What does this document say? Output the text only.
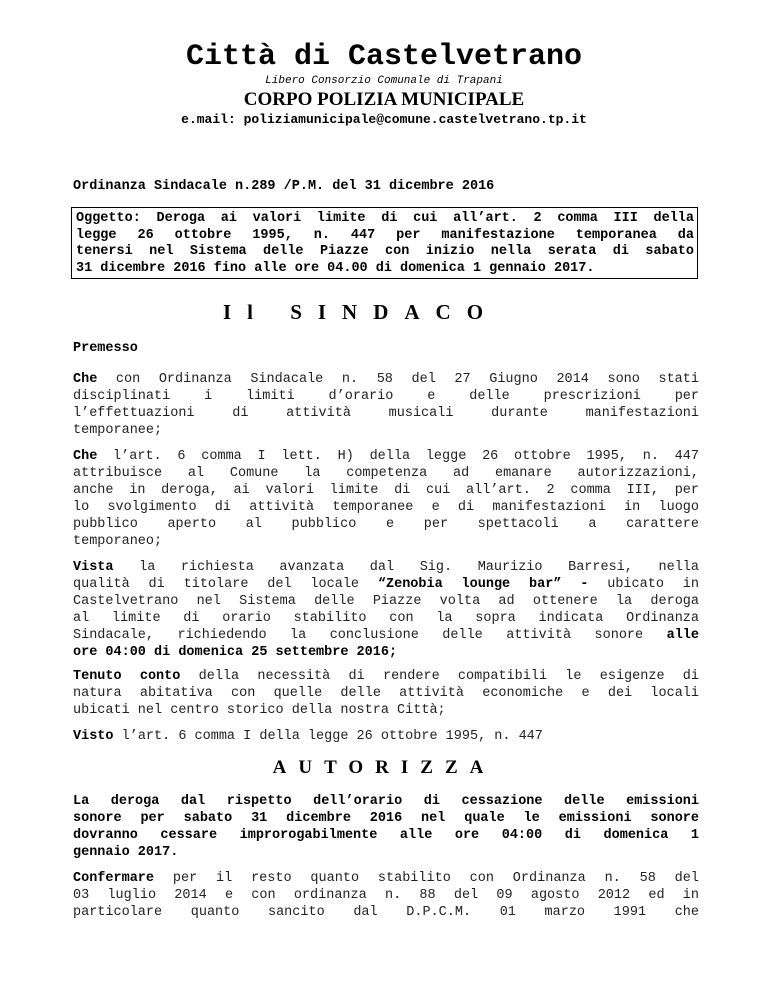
Città di Castelvetrano
Libero Consorzio Comunale di Trapani
CORPO POLIZIA MUNICIPALE
e.mail: poliziamunicipale@comune.castelvetrano.tp.it
Ordinanza Sindacale n.289 /P.M. del 31 dicembre 2016
Oggetto: Deroga ai valori limite di cui all’art. 2 comma III della
legge 26 ottobre 1995, n. 447 per manifestazione temporanea da
tenersi nel Sistema delle Piazze con inizio nella serata di sabato
31 dicembre 2016 fino alle ore 04.00 di domenica 1 gennaio 2017.
Il SINDACO
Premesso
Che con Ordinanza Sindacale n. 58 del 27 Giugno 2014 sono stati
disciplinati i limiti d’orario e delle prescrizioni per
l’effettuazioni di attività musicali durante manifestazioni
temporanee;
Che l’art. 6 comma I lett. H) della legge 26 ottobre 1995, n. 447
attribuisce al Comune la competenza ad emanare autorizzazioni,
anche in deroga, ai valori limite di cui all’art. 2 comma III, per
lo svolgimento di attività temporanee e di manifestazioni in luogo
pubblico aperto al pubblico e per spettacoli a carattere
temporaneo;
Vista la richiesta avanzata dal Sig. Maurizio Barresi, nella
qualità di titolare del locale “Zenobia lounge bar” - ubicato in
Castelvetrano nel Sistema delle Piazze volta ad ottenere la deroga
al limite di orario stabilito con la sopra indicata Ordinanza
Sindacale, richiedendo la conclusione delle attività sonore alle
ore 04:00 di domenica 25 settembre 2016;
Tenuto conto della necessità di rendere compatibili le esigenze di
natura abitativa con quelle delle attività economiche e dei locali
ubicati nel centro storico della nostra Città;
Visto l’art. 6 comma I della legge 26 ottobre 1995, n. 447
AUTORIZZA
La deroga dal rispetto dell’orario di cessazione delle emissioni
sonore per sabato 31 dicembre 2016 nel quale le emissioni sonore
dovranno cessare improrogabilmente alle ore 04:00 di domenica 1
gennaio 2017.
Confermare per il resto quanto stabilito con Ordinanza n. 58 del
03 luglio 2014 e con ordinanza n. 88 del 09 agosto 2012 ed in
particolare quanto sancito dal D.P.C.M. 01 marzo 1991 che
